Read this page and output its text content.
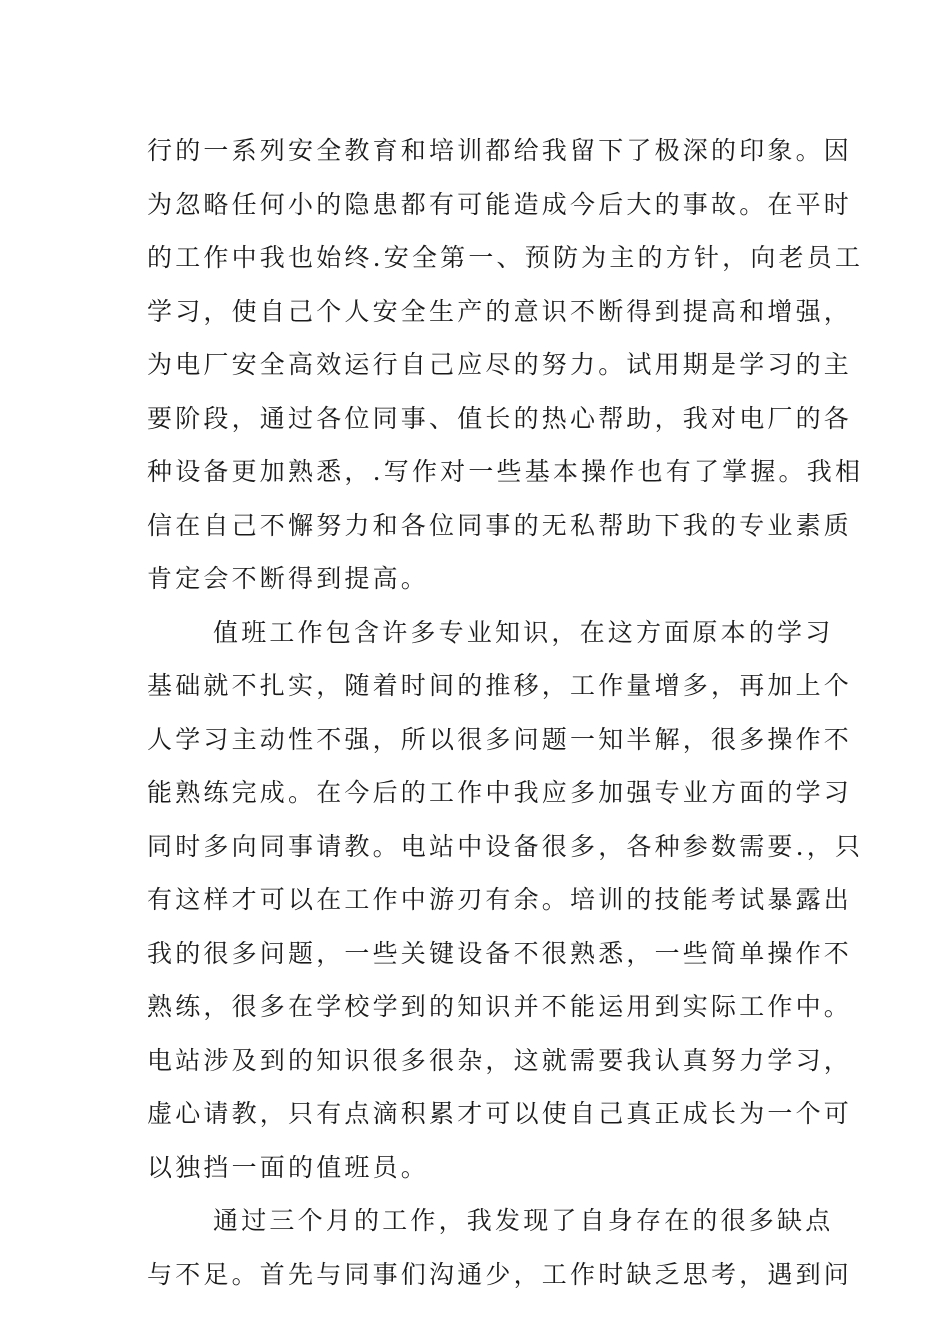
行的一系列安全教育和培训都给我留下了极深的印象。因
为忽略任何小的隐患都有可能造成今后大的事故。在平时
的工作中我也始终.安全第一、预防为主的方针，向老员工
学习，使自己个人安全生产的意识不断得到提高和增强，
为电厂安全高效运行自己应尽的努力。试用期是学习的主
要阶段，通过各位同事、值长的热心帮助，我对电厂的各
种设备更加熟悉，.写作对一些基本操作也有了掌握。我相
信在自己不懈努力和各位同事的无私帮助下我的专业素质
肯定会不断得到提高。
值班工作包含许多专业知识，在这方面原本的学习
基础就不扎实，随着时间的推移，工作量增多，再加上个
人学习主动性不强，所以很多问题一知半解，很多操作不
能熟练完成。在今后的工作中我应多加强专业方面的学习
同时多向同事请教。电站中设备很多，各种参数需要.，只
有这样才可以在工作中游刃有余。培训的技能考试暴露出
我的很多问题，一些关键设备不很熟悉，一些简单操作不
熟练，很多在学校学到的知识并不能运用到实际工作中。
电站涉及到的知识很多很杂，这就需要我认真努力学习，
虚心请教，只有点滴积累才可以使自己真正成长为一个可
以独挡一面的值班员。
通过三个月的工作，我发现了自身存在的很多缺点
与不足。首先与同事们沟通少，工作时缺乏思考，遇到问
